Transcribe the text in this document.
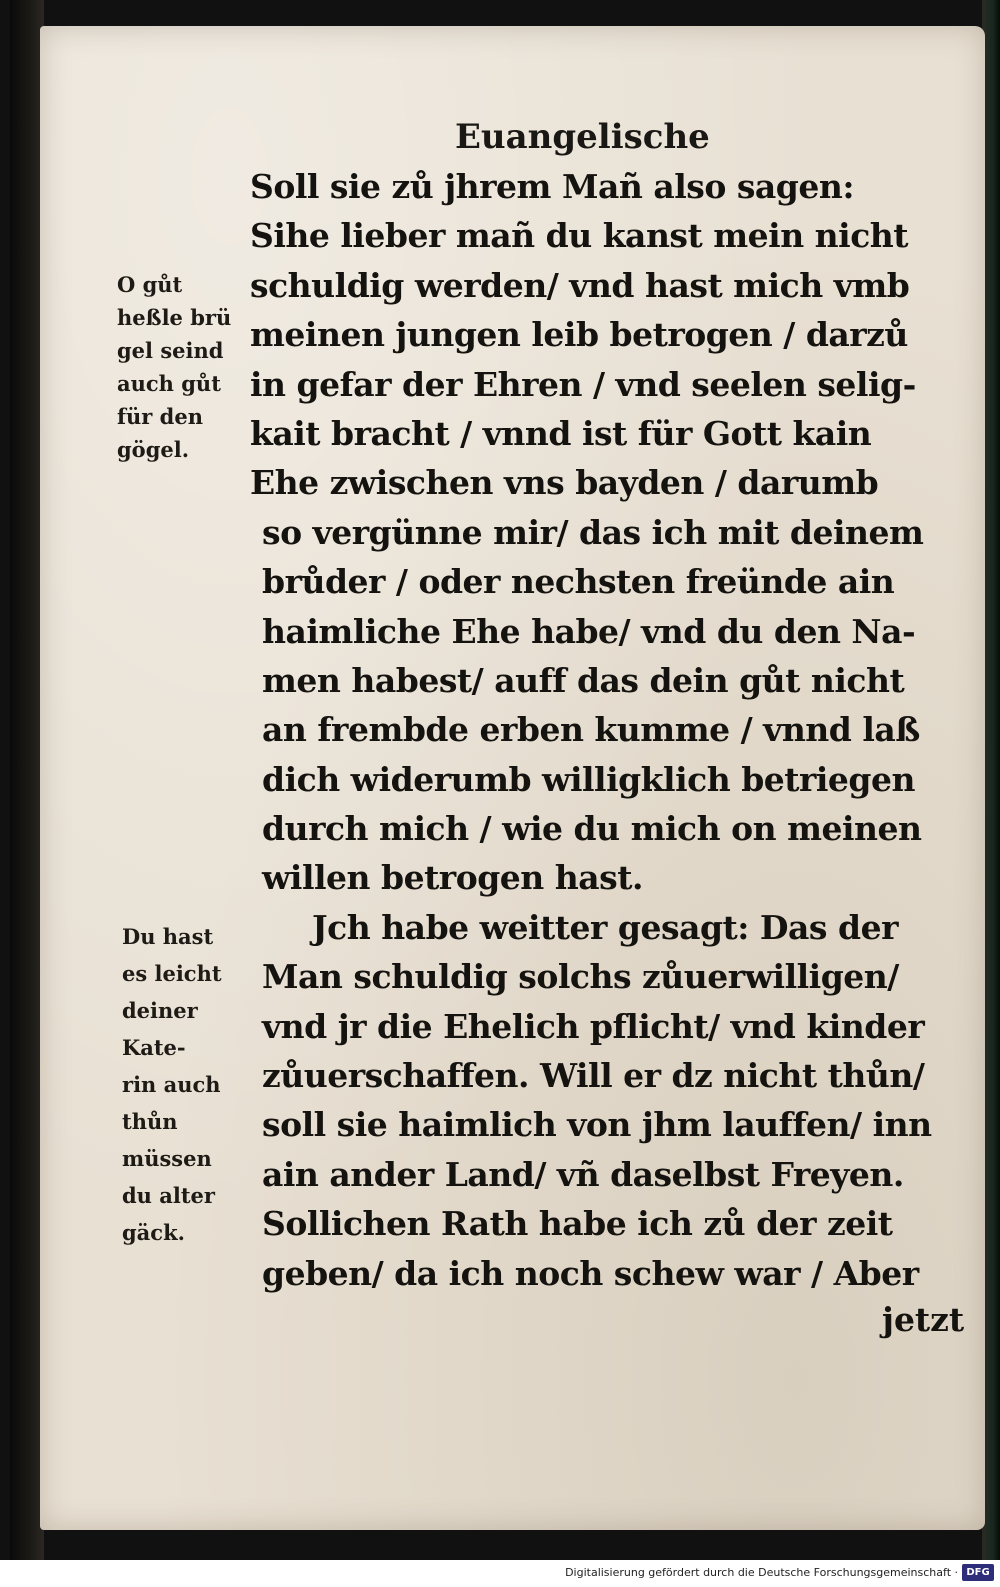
Euangelische
O gůt
heßle brü
gel seind
auch gůt
für den
gögel.
Soll sie zů jhrem Mañ also sagen:
Sihe lieber mañ du kanst mein nicht
schuldig werden/ vnd hast mich vmb
meinen jungen leib betrogen / darzů
in gefar der Ehren / vnd seelen selig-
kait bracht / vnnd ist für Gott kain
Ehe zwischen vns bayden / darumb
so vergünne mir/ das ich mit deinem
brůder / oder nechsten freünde ain
haimliche Ehe habe/ vnd du den Na-
men habest/ auff das dein gůt nicht
an frembde erben kumme / vnnd laß
dich widerumb willigklich betriegen
durch mich / wie du mich on meinen
willen betrogen hast.
Jch habe weitter gesagt: Das der
Man schuldig solchs zůuerwilligen/
vnd jr die Ehelich pflicht/ vnd kinder
zůuerschaffen. Will er dz nicht thůn/
soll sie haimlich von jhm lauffen/ inn
ain ander Land/ vñ daselbst Freyen.
Sollichen Rath habe ich zů der zeit
geben/ da ich noch schew war / Aber
Du hast
es leicht
deiner
Kate-
rin auch
thůn
müssen
du alter
gäck.
jetzt
Digitalisierung gefördert durch die Deutsche Forschungsgemeinschaft · DFG
